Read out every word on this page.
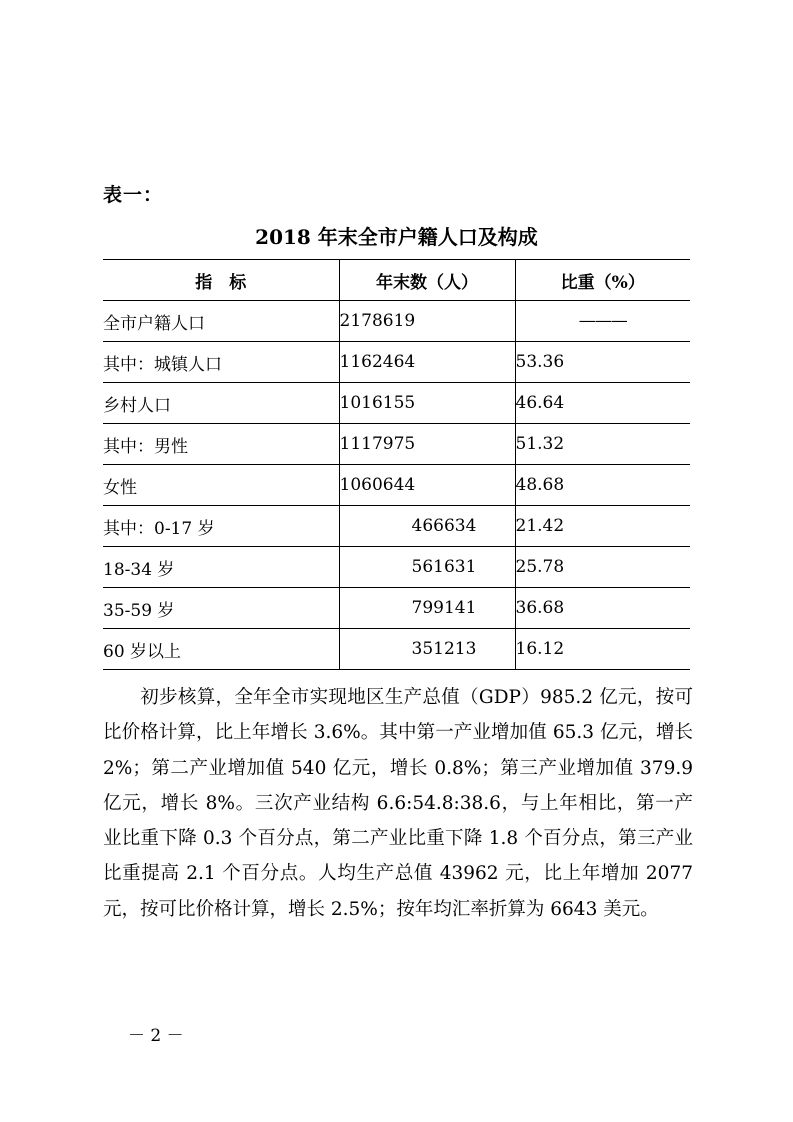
表一：
2018 年末全市户籍人口及构成
指　标	年末数（人）	比重（%）
全市户籍人口	2178619	———
其中：城镇人口	1162464	53.36
乡村人口	1016155	46.64
其中：男性	1117975	51.32
女性	1060644	48.68
其中：0-17 岁	466634	21.42
18-34 岁	561631	25.78
35-59 岁	799141	36.68
60 岁以上	351213	16.12

初步核算，全年全市实现地区生产总值（GDP）985.2 亿元，按可比价格计算，比上年增长 3.6%。其中第一产业增加值 65.3 亿元，增长 2%；第二产业增加值 540 亿元，增长 0.8%；第三产业增加值 379.9 亿元，增长 8%。三次产业结构 6.6:54.8:38.6，与上年相比，第一产业比重下降 0.3 个百分点，第二产业比重下降 1.8 个百分点，第三产业比重提高 2.1 个百分点。人均生产总值 43962 元，比上年增加 2077 元，按可比价格计算，增长 2.5%；按年均汇率折算为 6643 美元。

－ 2 －
